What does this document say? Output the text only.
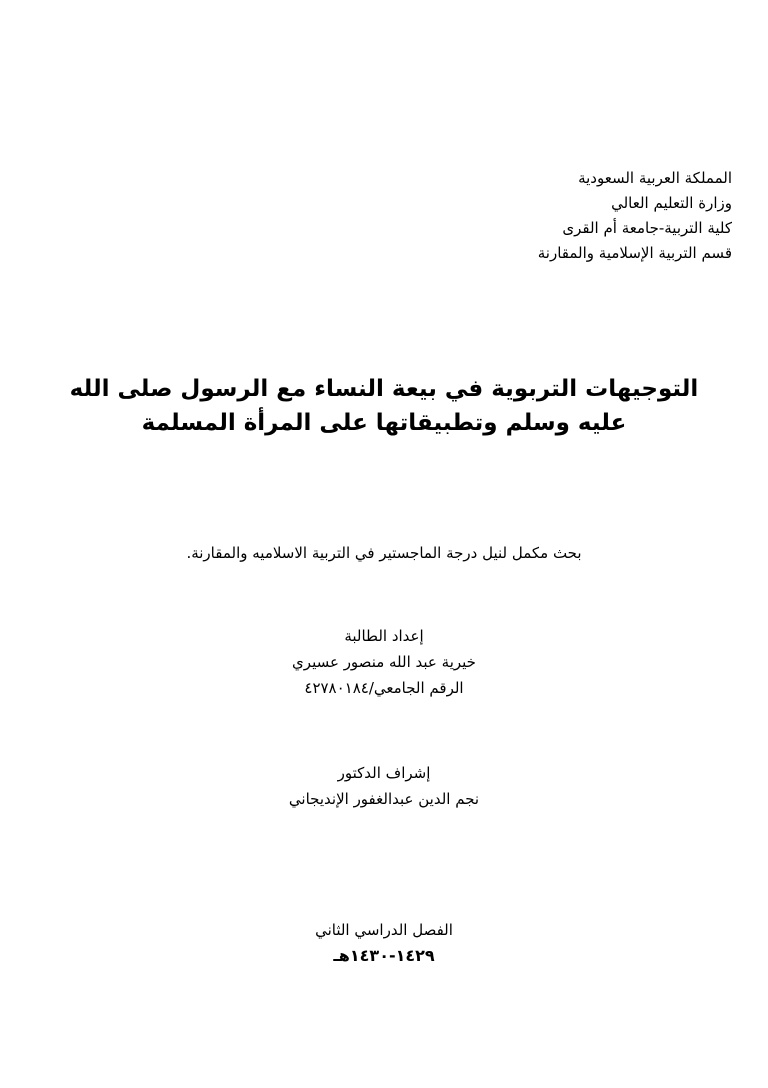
المملكة العربية السعودية
وزارة التعليم العالي
كلية التربية-جامعة أم القرى
قسم التربية الإسلامية والمقارنة
التوجيهات التربوية في بيعة النساء مع الرسول صلى الله
عليه وسلم وتطبيقاتها على المرأة المسلمة
بحث مكمل لنيل درجة الماجستير في التربية الاسلاميه والمقارنة.
إعداد الطالبة
خيرية عبد الله منصور عسيري
الرقم الجامعي/٤٢٧٨٠١٨٤
إشراف الدكتور
نجم الدين عبدالغفور الإنديجاني
الفصل الدراسي الثاني
١٤٢٩-١٤٣٠هـ
